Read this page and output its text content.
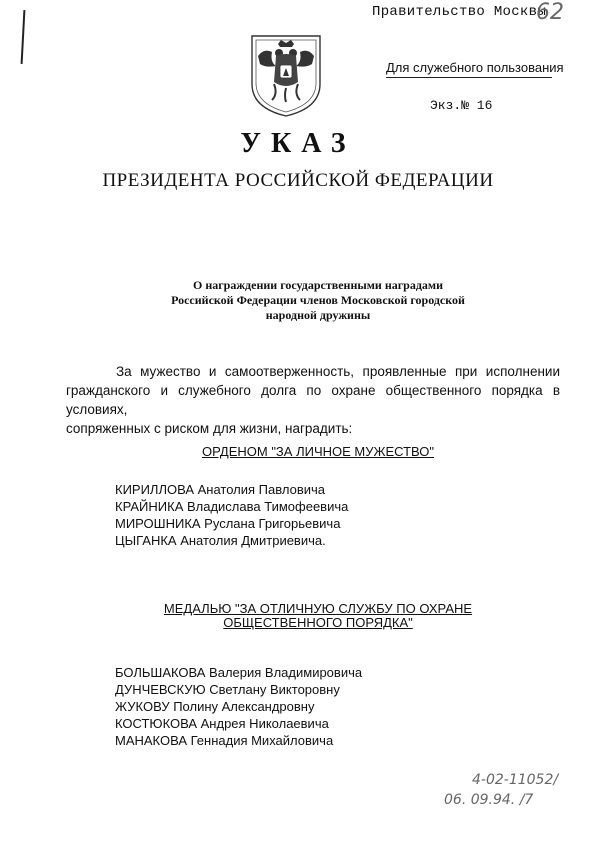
Правительство Москвы
62
Для служебного пользования
Экз.№ 16
УКАЗ
ПРЕЗИДЕНТА РОССИЙСКОЙ ФЕДЕРАЦИИ
О награждении государственными наградами
Российской Федерации членов Московской городской
народной дружины
За мужество и самоотверженность, проявленные при исполнении гражданского и служебного долга по охране общественного порядка в условиях,
сопряженных с риском для жизни, наградить:
ОРДЕНОМ "ЗА ЛИЧНОЕ МУЖЕСТВО"
КИРИЛЛОВА Анатолия Павловича
КРАЙНИКА Владислава Тимофеевича
МИРОШНИКА Руслана Григорьевича
ЦЫГАНКА Анатолия Дмитриевича.
МЕДАЛЬЮ "ЗА ОТЛИЧНУЮ СЛУЖБУ ПО ОХРАНЕ
ОБЩЕСТВЕННОГО ПОРЯДКА"
БОЛЬШАКОВА Валерия Владимировича
ДУНЧЕВСКУЮ Светлану Викторовну
ЖУКОВУ Полину Александровну
КОСТЮКОВА Андрея Николаевича
МАНАКОВА Геннадия Михайловича
4-02-11052/
06. 09.94. /7
